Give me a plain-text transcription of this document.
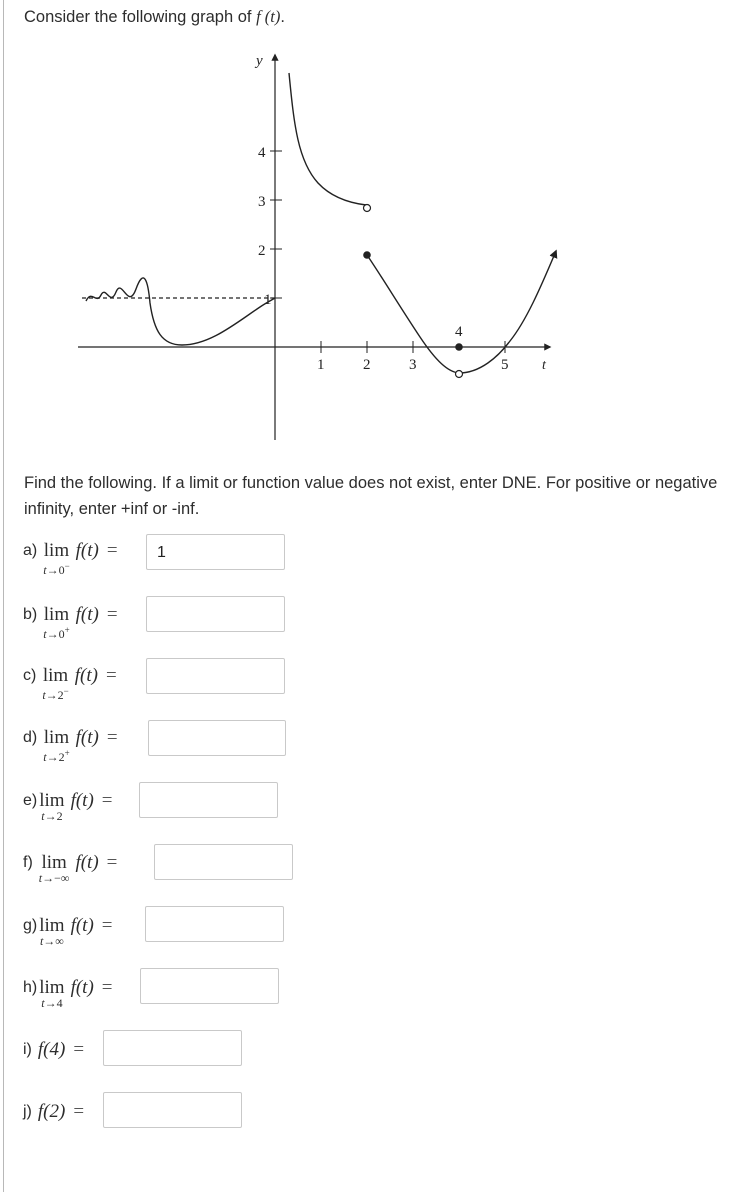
Consider the following graph of f (t).
y
t
4
3
2
1
1	2	3
4
5
Find the following. If a limit or function value does not exist, enter DNE. For positive or negative infinity, enter +inf or -inf.
a) lim
t→0−
f(t) =	1
b) lim
t→0+
f(t) =
c) lim
t→2−
f(t) =
d) lim
t→2+
f(t) =
e) lim
t→2
f(t) =
f) lim
t→−∞
f(t) =
g) lim
t→∞
f(t) =
h) lim
t→4
f(t) =
i) f(4) =
j) f(2) =
